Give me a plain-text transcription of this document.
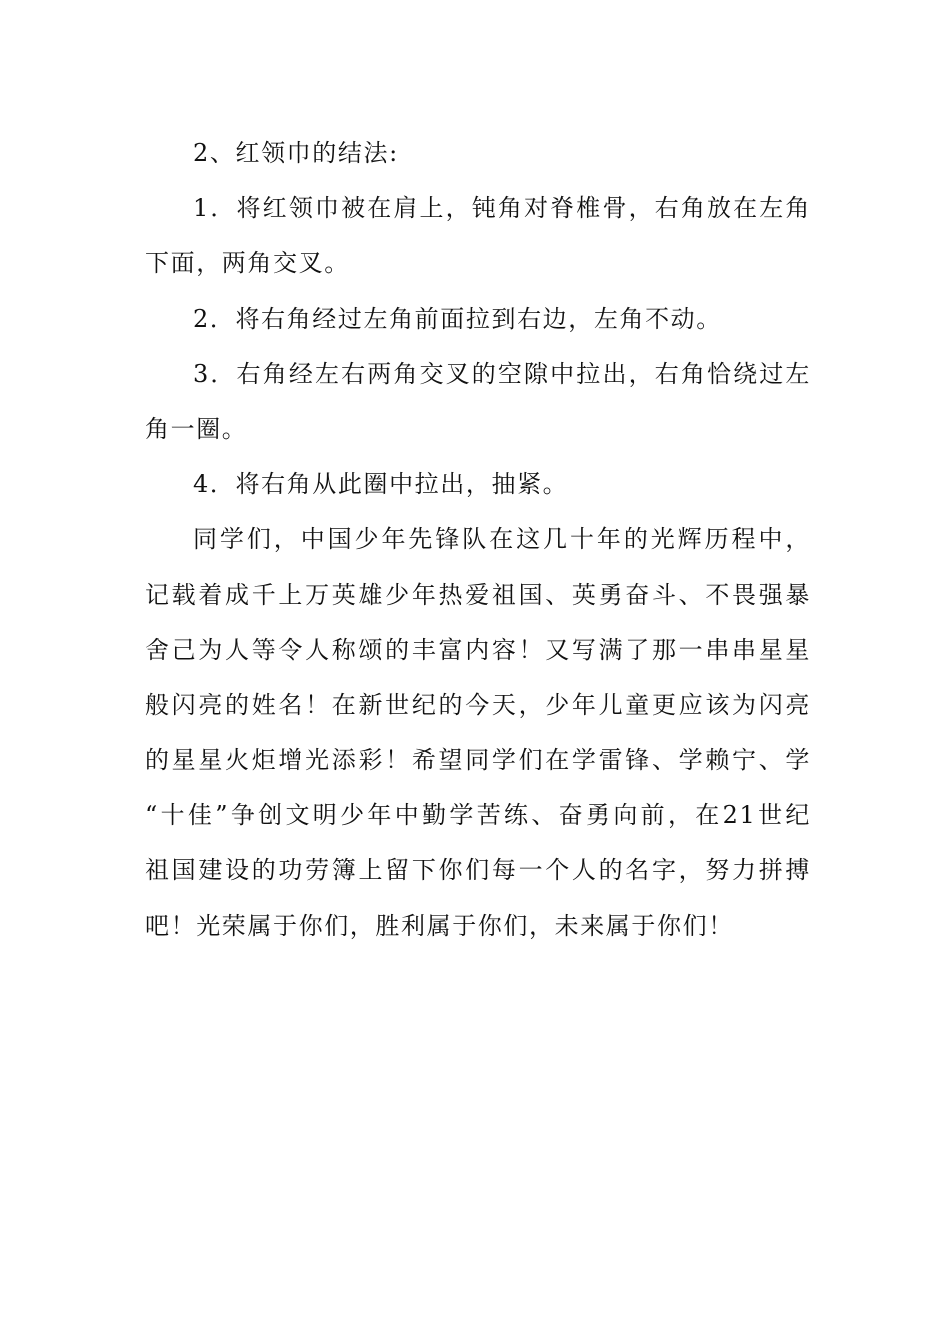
2、红领巾的结法:
1．将红领巾被在肩上，钝角对脊椎骨，右角放在左角
下面，两角交叉。
2．将右角经过左角前面拉到右边，左角不动。
3．右角经左右两角交叉的空隙中拉出，右角恰绕过左
角一圈。
4．将右角从此圈中拉出，抽紧。
同学们，中国少年先锋队在这几十年的光辉历程中，
记载着成千上万英雄少年热爱祖国、英勇奋斗、不畏强暴
舍己为人等令人称颂的丰富内容！又写满了那一串串星星
般闪亮的姓名！在新世纪的今天，少年儿童更应该为闪亮
的星星火炬增光添彩！希望同学们在学雷锋、学赖宁、学
“十佳”争创文明少年中勤学苦练、奋勇向前，在21世纪
祖国建设的功劳簿上留下你们每一个人的名字，努力拼搏
吧！光荣属于你们，胜利属于你们，未来属于你们！
